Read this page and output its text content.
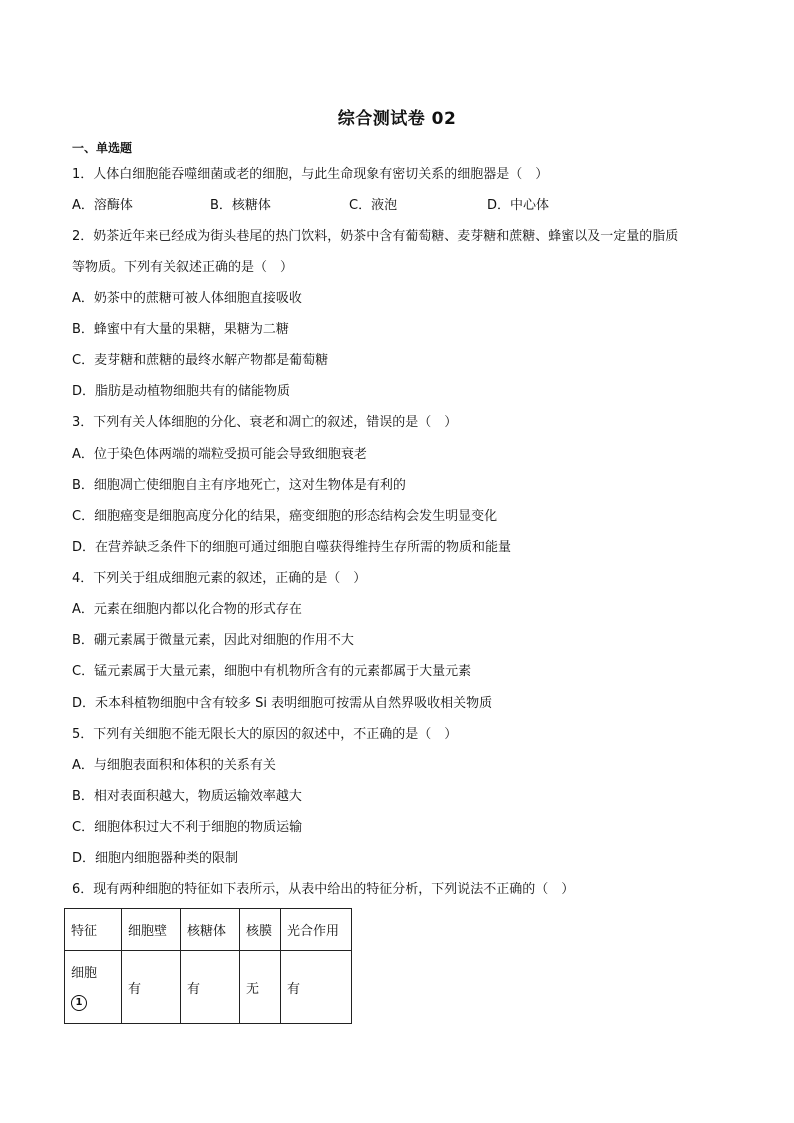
综合测试卷 02
一、单选题
1．人体白细胞能吞噬细菌或老的细胞，与此生命现象有密切关系的细胞器是（　）
A．溶酶体	B．核糖体	C．液泡	D．中心体
2．奶茶近年来已经成为街头巷尾的热门饮料，奶茶中含有葡萄糖、麦芽糖和蔗糖、蜂蜜以及一定量的脂质
等物质。下列有关叙述正确的是（　）
A．奶茶中的蔗糖可被人体细胞直接吸收
B．蜂蜜中有大量的果糖，果糖为二糖
C．麦芽糖和蔗糖的最终水解产物都是葡萄糖
D．脂肪是动植物细胞共有的储能物质
3．下列有关人体细胞的分化、衰老和凋亡的叙述，错误的是（　）
A．位于染色体两端的端粒受损可能会导致细胞衰老
B．细胞凋亡使细胞自主有序地死亡，这对生物体是有利的
C．细胞癌变是细胞高度分化的结果，癌变细胞的形态结构会发生明显变化
D．在营养缺乏条件下的细胞可通过细胞自噬获得维持生存所需的物质和能量
4．下列关于组成细胞元素的叙述，正确的是（　）
A．元素在细胞内都以化合物的形式存在
B．硼元素属于微量元素，因此对细胞的作用不大
C．锰元素属于大量元素，细胞中有机物所含有的元素都属于大量元素
D．禾本科植物细胞中含有较多 Si 表明细胞可按需从自然界吸收相关物质
5．下列有关细胞不能无限长大的原因的叙述中，不正确的是（　）
A．与细胞表面积和体积的关系有关
B．相对表面积越大，物质运输效率越大
C．细胞体积过大不利于细胞的物质运输
D．细胞内细胞器种类的限制
6．现有两种细胞的特征如下表所示，从表中给出的特征分析，下列说法不正确的（　）
特征	细胞壁	核糖体	核膜	光合作用

细胞
1	有	有	无	有
